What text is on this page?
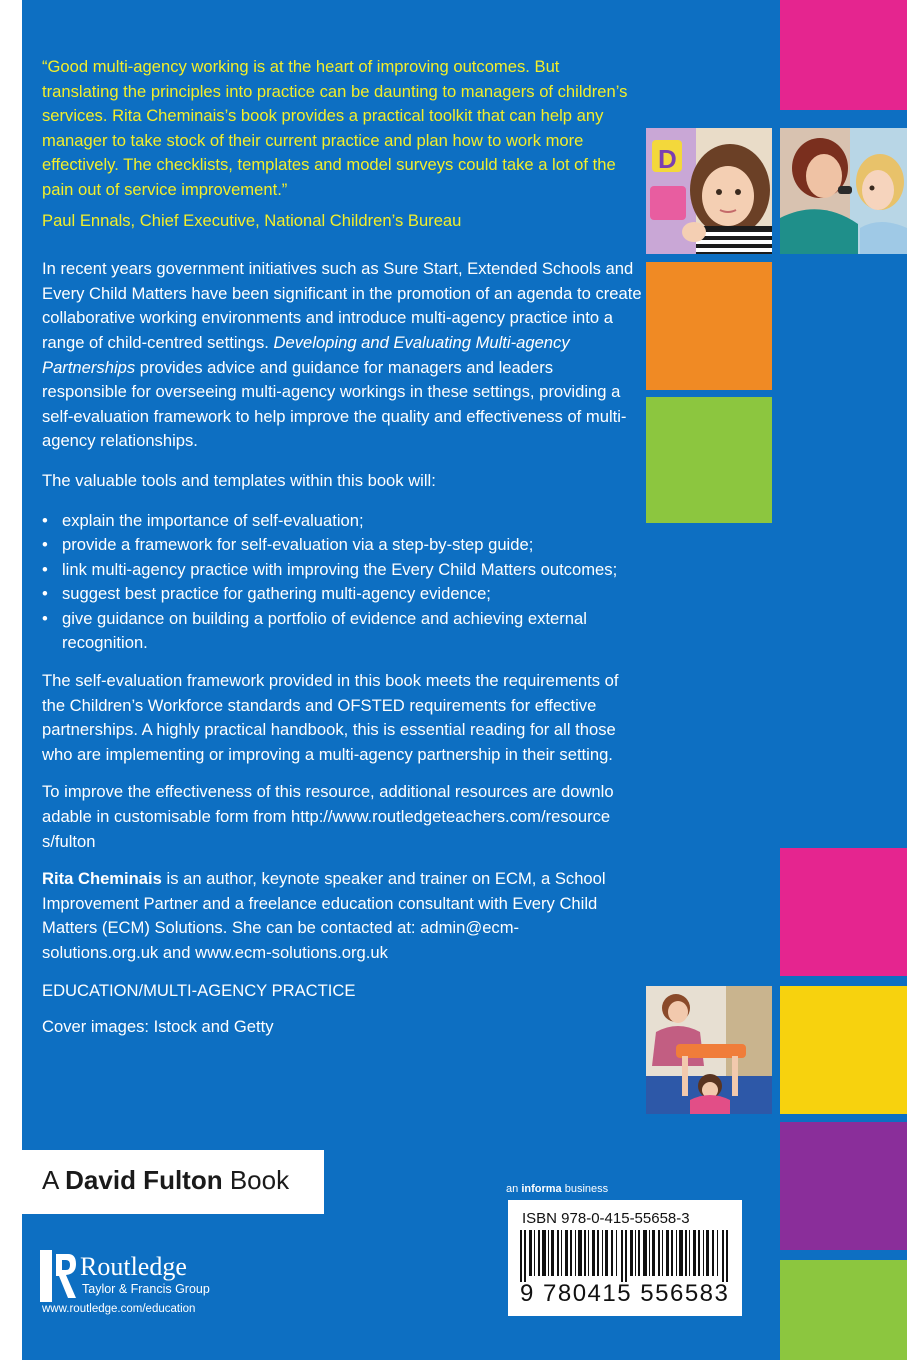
D

“Good multi-agency working is at the heart of improving outcomes. But translating the principles into practice can be daunting to managers of children’s services. Rita Cheminais’s book provides a practical toolkit that can help any manager to take stock of their current practice and plan how to work more effectively. The checklists, templates and model surveys could take a lot of the pain out of service improvement.”

Paul Ennals, Chief Executive, National Children’s Bureau

In recent years government initiatives such as Sure Start, Extended Schools and Every Child Matters have been significant in the promotion of an agenda to create collaborative working environments and introduce multi-agency practice into a range of child-centred settings. Developing and Evaluating Multi-agency Partnerships provides advice and guidance for managers and leaders responsible for overseeing multi-agency workings in these settings, providing a self-evaluation framework to help improve the quality and effectiveness of multi-agency relationships.

The valuable tools and templates within this book will:

• explain the importance of self-evaluation;
• provide a framework for self-evaluation via a step-by-step guide;
• link multi-agency practice with improving the Every Child Matters outcomes;
• suggest best practice for gathering multi-agency evidence;
• give guidance on building a portfolio of evidence and achieving external recognition.

The self-evaluation framework provided in this book meets the requirements of the Children’s Workforce standards and OFSTED requirements for effective partnerships. A highly practical handbook, this is essential reading for all those who are implementing or improving a multi-agency partnership in their setting.

To improve the effectiveness of this resource, additional resources are downloadable in customisable form from http://www.routledgeteachers.com/resources/fulton

Rita Cheminais is an author, keynote speaker and trainer on ECM, a School Improvement Partner and a freelance education consultant with Every Child Matters (ECM) Solutions. She can be contacted at: admin@ecm-solutions.org.uk and www.ecm-solutions.org.uk

EDUCATION/MULTI-AGENCY PRACTICE

Cover images: Istock and Getty

A David Fulton Book
Routledge
Taylor & Francis Group
www.routledge.com/education
an informa business
ISBN 978-0-415-55658-3
9 780415 556583
